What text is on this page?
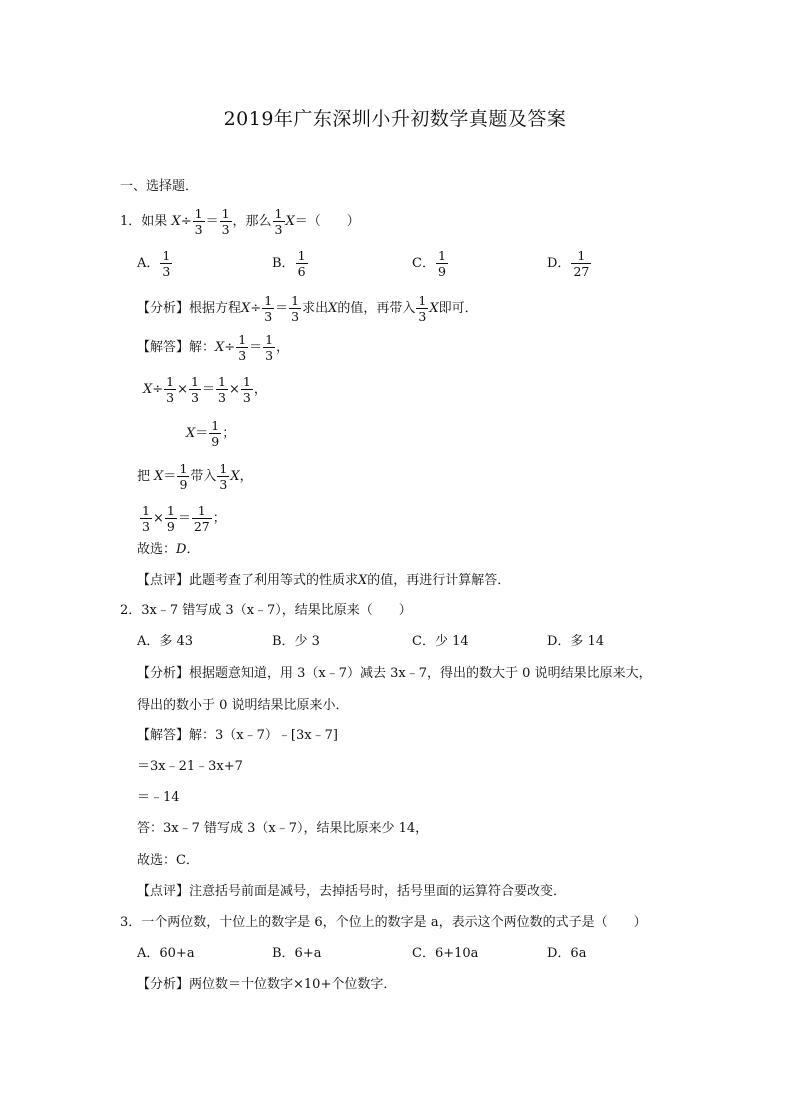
2019年广东深圳小升初数学真题及答案
一、选择题．
1．如果 $X\div \frac{1}{3} = \frac{1}{3}$ ，那么 $\frac{1}{3} X=$（　　）
A． $\frac{1}{3}$	B． $\frac{1}{6}$	C． $\frac{1}{9}$	D． $\frac{1}{27}$
【分析】根据方程$X\div \frac{1}{3} = \frac{1}{3}$ 求出X的值，再带入 $\frac{1}{3}$ X即可．
【解答】解：$X\div \frac{1}{3} = \frac{1}{3}$ ，
$X\div \frac{1}{3} \times \frac{1}{3} = \frac{1}{3} \times \frac{1}{3}$ ，
$X= \frac{1}{9}$ ；
把 $X= \frac{1}{9}$ 带入 $\frac{1}{3}$ X，
$\frac{1}{3} \times \frac{1}{9} = \frac{1}{27}$ ；
故选：D．
【点评】此题考查了利用等式的性质求X的值，再进行计算解答．
2．3x﹣7 错写成 3（x﹣7），结果比原来（　　）
A．多 43	B．少 3	C．少 14	D．多 14
【分析】根据题意知道，用 3（x﹣7）减去 3x﹣7，得出的数大于 0 说明结果比原来大，
得出的数小于 0 说明结果比原来小．
【解答】解：3（x﹣7）﹣[3x﹣7]
＝3x﹣21﹣3x+7
＝﹣14
答：3x﹣7 错写成 3（x﹣7），结果比原来少 14，
故选：C．
【点评】注意括号前面是减号，去掉括号时，括号里面的运算符合要改变．
3．一个两位数，十位上的数字是 6，个位上的数字是 a，表示这个两位数的式子是（　　）
A．60+a	B．6+a	C．6+10a	D．6a
【分析】两位数＝十位数字×10+个位数字．
